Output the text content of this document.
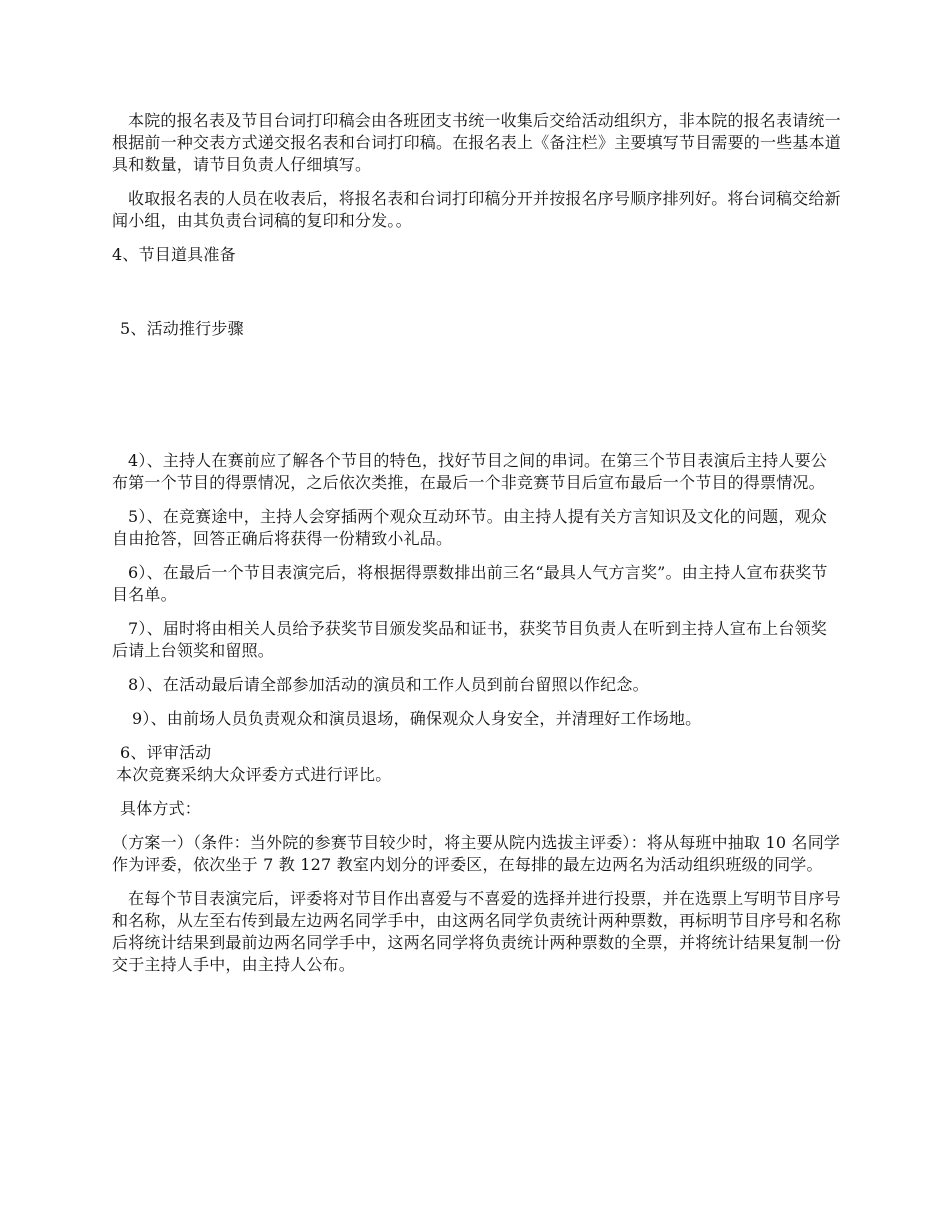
本院的报名表及节目台词打印稿会由各班团支书统一收集后交给活动组织方，非本院的报名表请统一根据前一种交表方式递交报名表和台词打印稿。在报名表上《备注栏》主要填写节目需要的一些基本道具和数量，请节目负责人仔细填写。

收取报名表的人员在收表后，将报名表和台词打印稿分开并按报名序号顺序排列好。将台词稿交给新闻小组，由其负责台词稿的复印和分发。。

4、节目道具准备

5、活动推行步骤

4）、主持人在赛前应了解各个节目的特色，找好节目之间的串词。在第三个节目表演后主持人要公布第一个节目的得票情况，之后依次类推，在最后一个非竞赛节目后宣布最后一个节目的得票情况。

5）、在竞赛途中，主持人会穿插两个观众互动环节。由主持人提有关方言知识及文化的问题，观众自由抢答，回答正确后将获得一份精致小礼品。

6）、在最后一个节目表演完后，将根据得票数排出前三名“最具人气方言奖”。由主持人宣布获奖节目名单。

7）、届时将由相关人员给予获奖节目颁发奖品和证书，获奖节目负责人在听到主持人宣布上台领奖后请上台领奖和留照。

8）、在活动最后请全部参加活动的演员和工作人员到前台留照以作纪念。

9）、由前场人员负责观众和演员退场，确保观众人身安全，并清理好工作场地。

6、评审活动

本次竞赛采纳大众评委方式进行评比。

具体方式：

（方案一）（条件：当外院的参赛节目较少时，将主要从院内选拔主评委）：将从每班中抽取 10 名同学作为评委，依次坐于 7 教 127 教室内划分的评委区，在每排的最左边两名为活动组织班级的同学。

在每个节目表演完后，评委将对节目作出喜爱与不喜爱的选择并进行投票，并在选票上写明节目序号和名称，从左至右传到最左边两名同学手中，由这两名同学负责统计两种票数，再标明节目序号和名称后将统计结果到最前边两名同学手中，这两名同学将负责统计两种票数的全票，并将统计结果复制一份交于主持人手中，由主持人公布。
